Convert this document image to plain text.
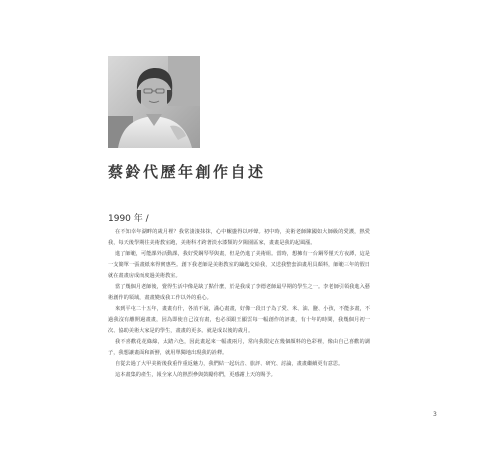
蔡鈴代歷年創作自述
1990 年 /

在不知幸年湖畔的歲月裡？我常淒淒抹抹，心中輾盪得以呼聲。初中時，美術老師陳國如大師級的愛護，熱愛我，每天後學期往美術教室跑，美術科才跨著淡水漆類的夕陽園區家，畫畫是我的起風漲。

進了師範，可能課外活動課，我好愛鋼琴琴與畫，但是仍進了美術組。當時，想擁有一台鋼琴僅天方夜譚，這是一支簡單一張畫紙來得實惠些。創下我老師是美術教室的鑰匙交給我，又送我整套油畫用具顏料，師範三年的假日就在畫畫房成而度過美術教室。

當了幾個月老師後，覺得生活中像是缺了點什麼，於是我成了李德老師最早期的學生之一。李老師引領我進入藝術創作的領域，畫畫變成我工作以外的重心。

來到平屯二十五年，畫畫有什，各消不說，滿心畫畫，好像一段日子為了愛、米、油、鹽、小孩，不能多畫，不過我沒有離開過畫畫，因為即使自己沒有畫，也必須跟王顯雲每一幅創作的評畫，有十年的時間，我幾個月初一次、協助美術大家是的學生，畫畫的更多。就是成以後的歲月。

我不喜歡花花綠綠，太踏六色，因此畫起來一幅畫兩月，常向我限定在幾個顏料的色彩裡，像由自己喜歡的調子，我想讓畫面和新鮮，就用單獨地出現我的詮釋。

自從去過了大甲美術後我重作重返魅力，我們結一起玩音、旅評、研究、討論，畫畫繼續更有意思。

這本畫集的產生，報全家人的熱烈參與鼓勵你們，更感謝上天的賜予。

3
